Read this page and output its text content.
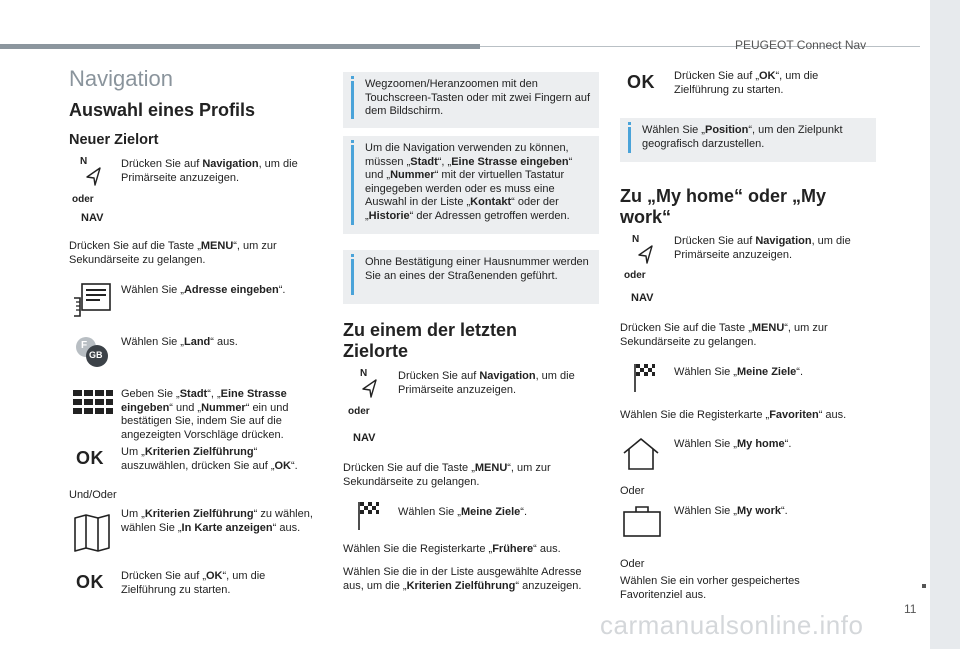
PEUGEOT Connect Nav
Navigation
Auswahl eines Profils
Neuer Zielort
N
oder
NAV
Drücken Sie auf Navigation, um die Primärseite anzuzeigen.
Drücken Sie auf die Taste „MENU“, um zur Sekundärseite zu gelangen.
Wählen Sie „Adresse eingeben“.
F
GB
Wählen Sie „Land“ aus.
Geben Sie „Stadt“, „Eine Strasse eingeben“ und „Nummer“ ein und bestätigen Sie, indem Sie auf die angezeigten Vorschläge drücken.
OK Um „Kriterien Zielführung“ auszuwählen, drücken Sie auf „OK“.
Und/Oder
Um „Kriterien Zielführung“ zu wählen, wählen Sie „In Karte anzeigen“ aus.
OK Drücken Sie auf „OK“, um die Zielführung zu starten.
Wegzoomen/Heranzoomen mit den Touchscreen-Tasten oder mit zwei Fingern auf dem Bildschirm.
Um die Navigation verwenden zu können, müssen „Stadt“, „Eine Strasse eingeben“ und „Nummer“ mit der virtuellen Tastatur eingegeben werden oder es muss eine Auswahl in der Liste „Kontakt“ oder der „Historie“ der Adressen getroffen werden.
Ohne Bestätigung einer Hausnummer werden Sie an eines der Straßenenden geführt.
Zu einem der letzten Zielorte
N
oder
NAV
Drücken Sie auf Navigation, um die Primärseite anzuzeigen.
Drücken Sie auf die Taste „MENU“, um zur Sekundärseite zu gelangen.
Wählen Sie „Meine Ziele“.
Wählen Sie die Registerkarte „Frühere“ aus.
Wählen Sie die in der Liste ausgewählte Adresse aus, um die „Kriterien Zielführung“ anzuzeigen.
OK Drücken Sie auf „OK“, um die Zielführung zu starten.
Wählen Sie „Position“, um den Zielpunkt geografisch darzustellen.
Zu „My home“ oder „My work“
N
oder
NAV
Drücken Sie auf Navigation, um die Primärseite anzuzeigen.
Drücken Sie auf die Taste „MENU“, um zur Sekundärseite zu gelangen.
Wählen Sie „Meine Ziele“.
Wählen Sie die Registerkarte „Favoriten“ aus.
Wählen Sie „My home“.
Oder
Wählen Sie „My work“.
Oder
Wählen Sie ein vorher gespeichertes Favoritenziel aus.
11
carmanualsonline.info
